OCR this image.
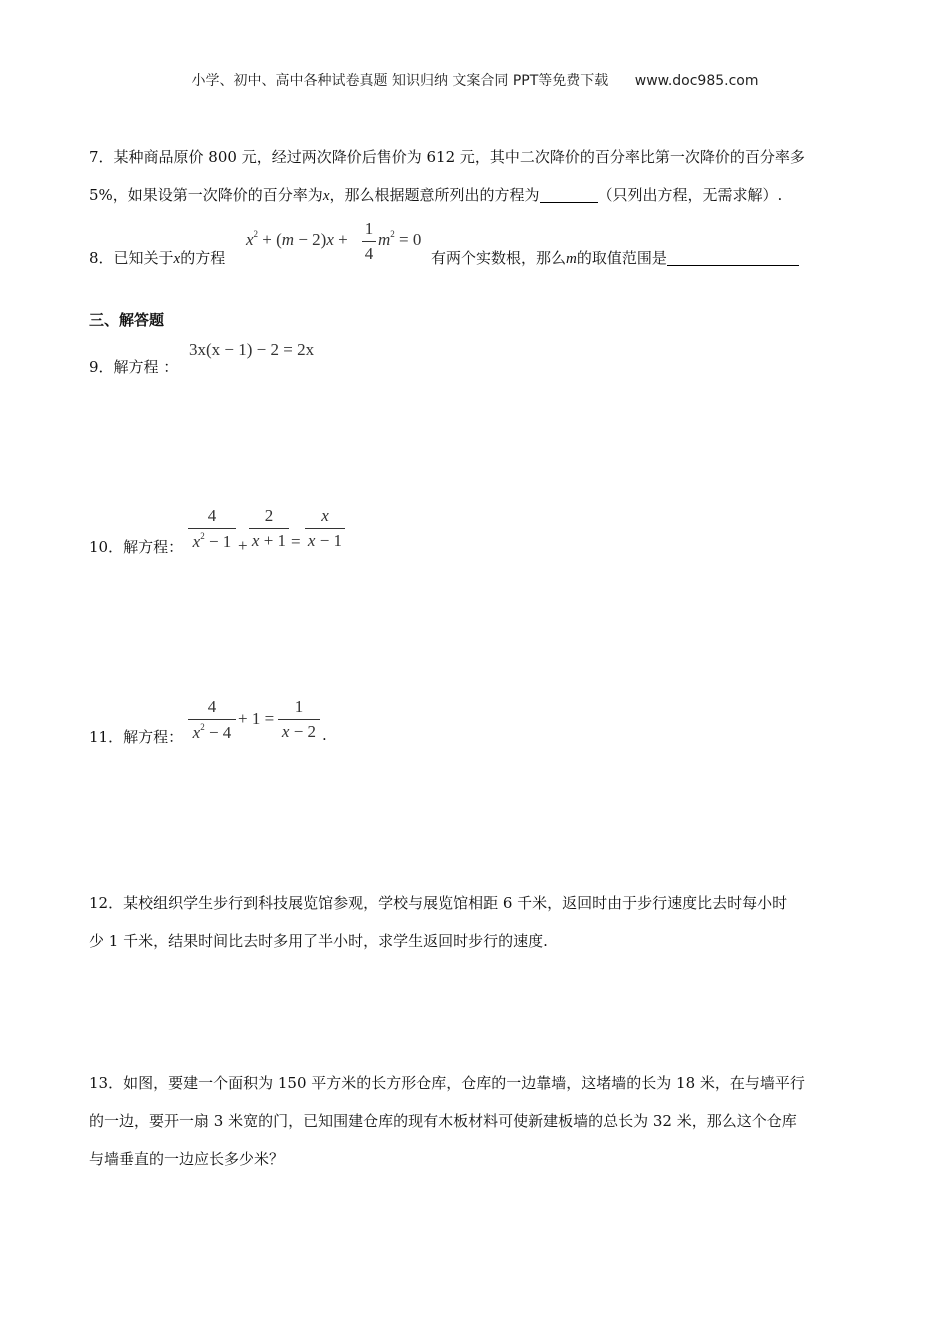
小学、初中、高中各种试卷真题 知识归纳 文案合同 PPT等免费下载 www.doc985.com
7．某种商品原价 800 元，经过两次降价后售价为 612 元，其中二次降价的百分率比第一次降价的百分率多
5%，如果设第一次降价的百分率为x，那么根据题意所列出的方程为	（只列出方程，无需求解）.
8．已知关于x的方程
$x^2 + (m - 2)x$ +
1
4
$m^2 = 0$
有两个实数根，那么m的取值范围是
三、解答题
9．解方程 ：
3x(x − 1) − 2 = 2x
10．解方程：
4
$x^2 - 1$ +
2
x + 1 =
x
x − 1
11．解方程：
4
$x^2 - 4$
+ 1 =
1
x − 2 .
12．某校组织学生步行到科技展览馆参观，学校与展览馆相距 6 千米，返回时由于步行速度比去时每小时
少 1 千米，结果时间比去时多用了半小时，求学生返回时步行的速度.
13．如图，要建一个面积为 150 平方米的长方形仓库，仓库的一边靠墙，这堵墙的长为 18 米，在与墙平行
的一边，要开一扇 3 米宽的门，已知围建仓库的现有木板材料可使新建板墙的总长为 32 米，那么这个仓库
与墙垂直的一边应长多少米？
